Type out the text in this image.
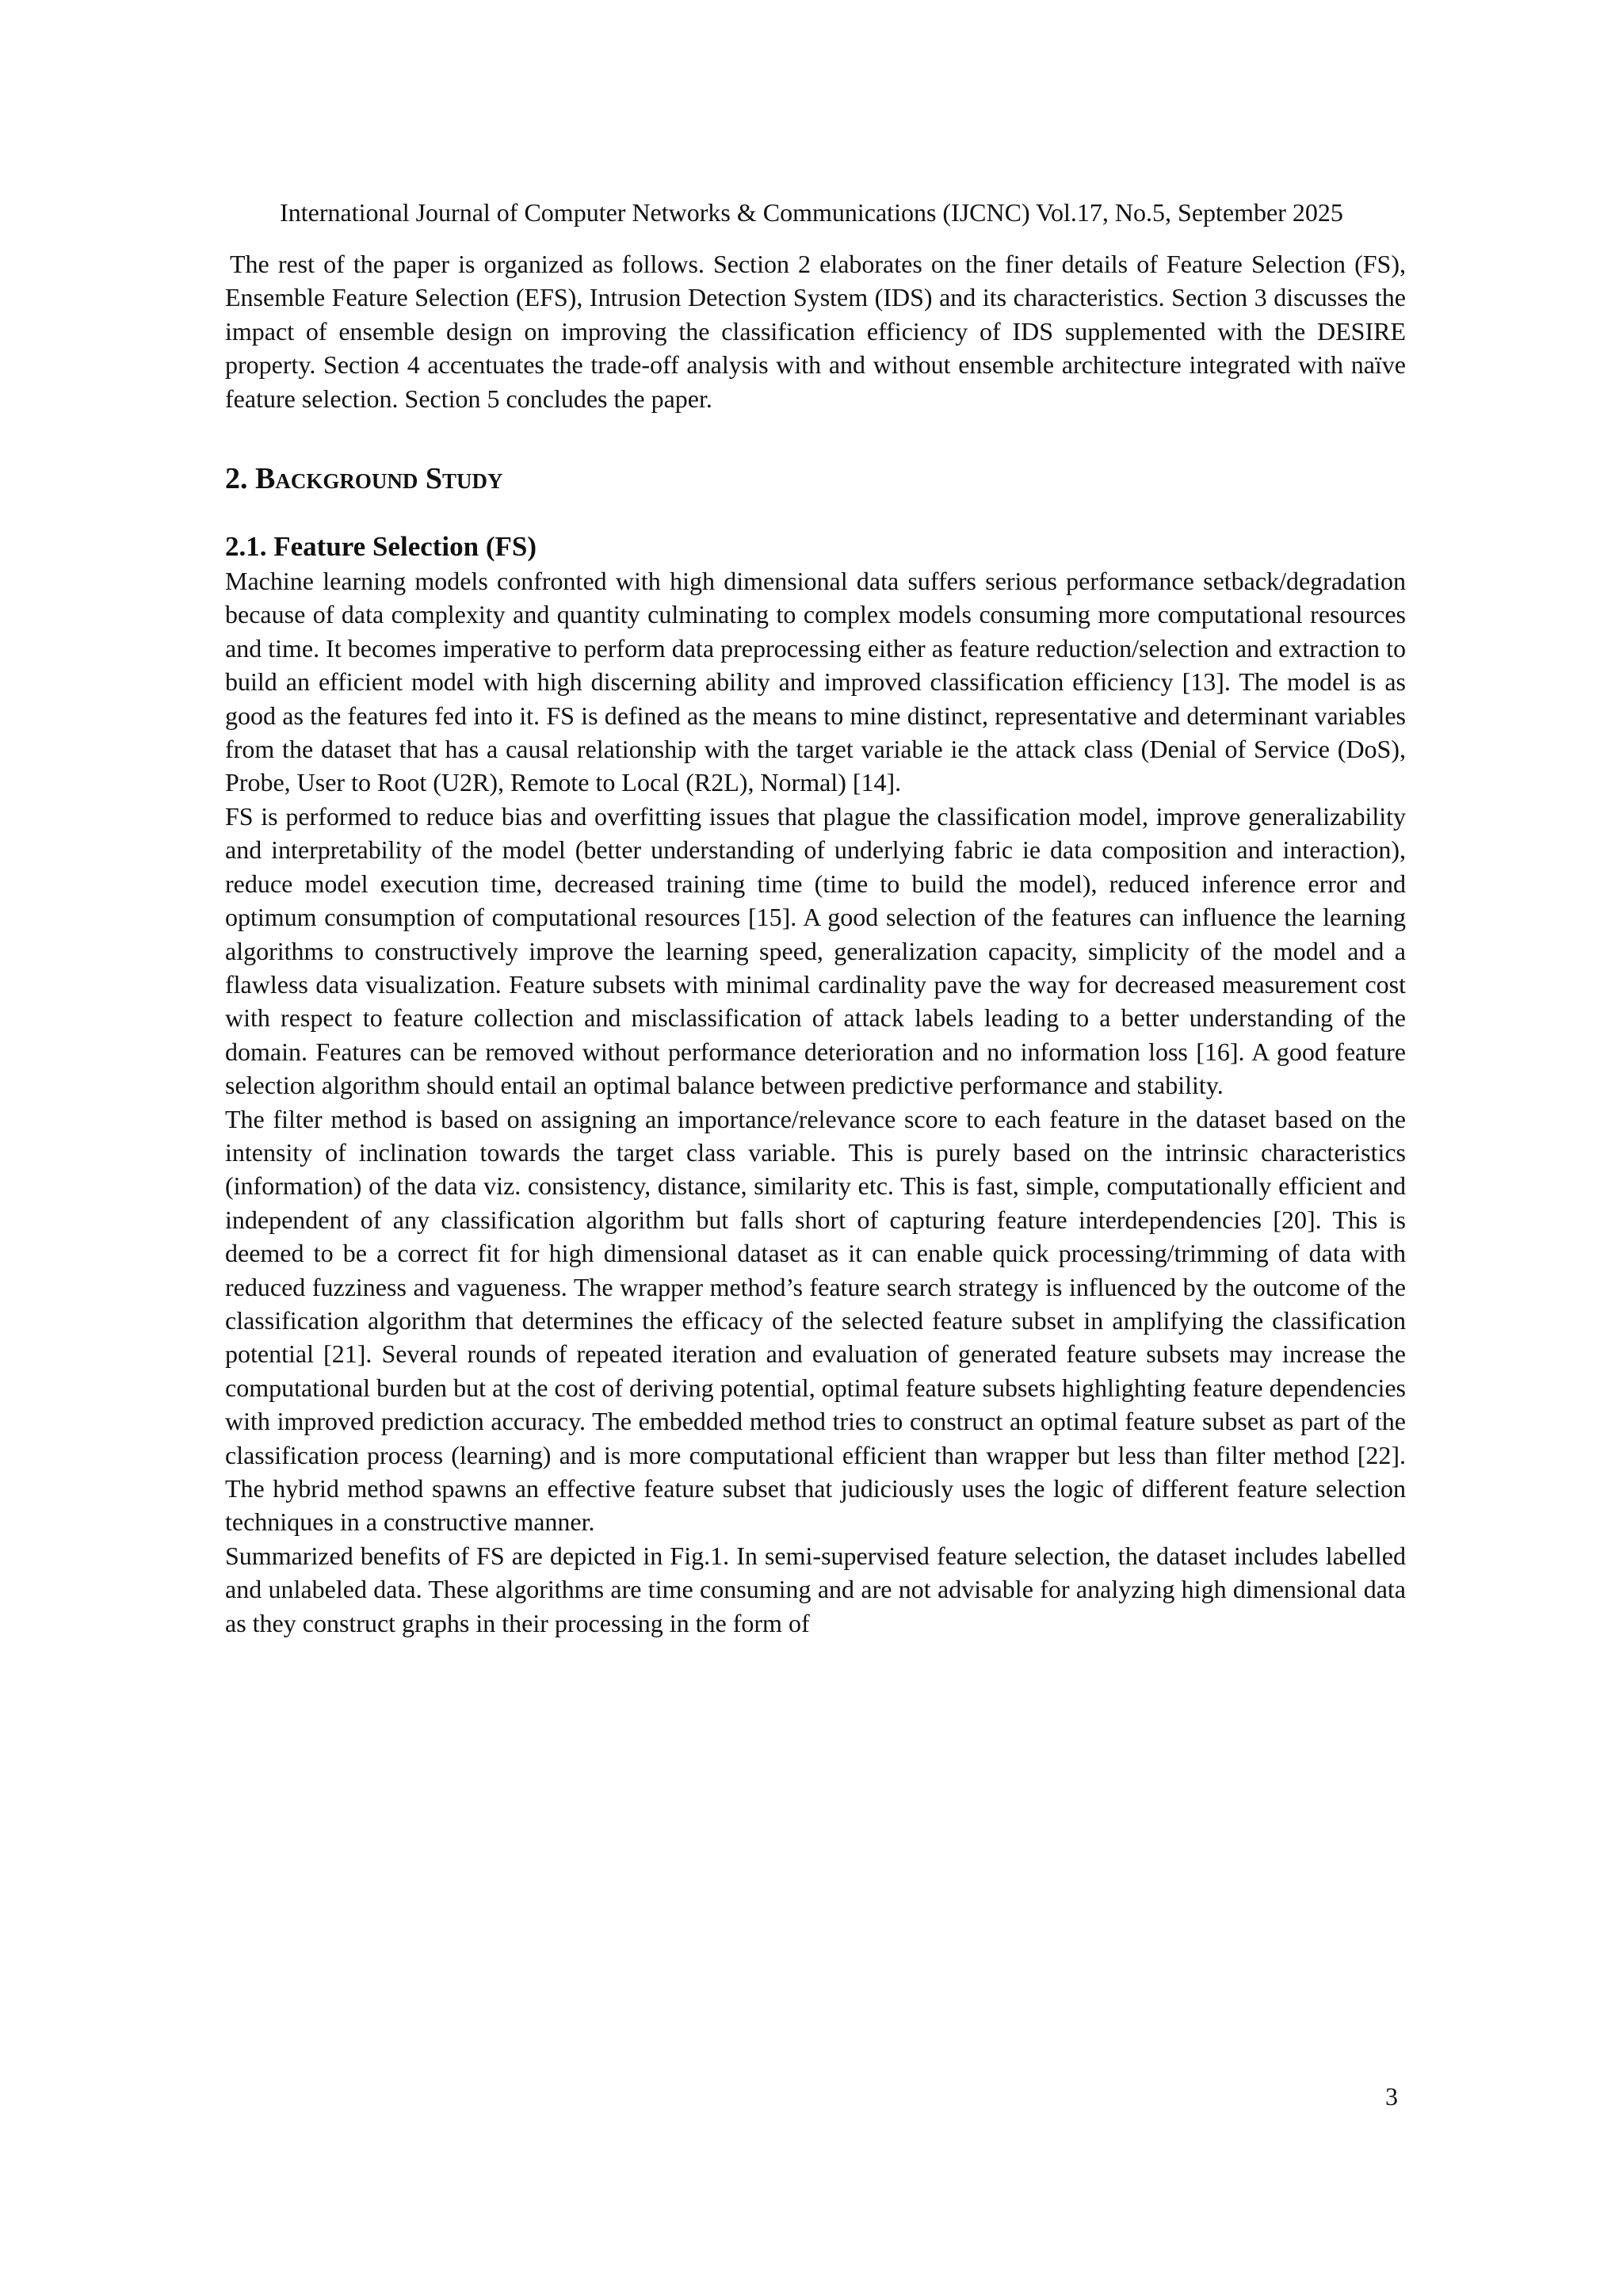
International Journal of Computer Networks & Communications (IJCNC) Vol.17, No.5, September 2025

The rest of the paper is organized as follows. Section 2 elaborates on the finer details of Feature Selection (FS), Ensemble Feature Selection (EFS), Intrusion Detection System (IDS) and its characteristics. Section 3 discusses the impact of ensemble design on improving the classification efficiency of IDS supplemented with the DESIRE property. Section 4 accentuates the trade-off analysis with and without ensemble architecture integrated with naïve feature selection. Section 5 concludes the paper.

2. Background Study
2.1. Feature Selection (FS)

Machine learning models confronted with high dimensional data suffers serious performance setback/degradation because of data complexity and quantity culminating to complex models consuming more computational resources and time. It becomes imperative to perform data preprocessing either as feature reduction/selection and extraction to build an efficient model with high discerning ability and improved classification efficiency [13]. The model is as good as the features fed into it. FS is defined as the means to mine distinct, representative and determinant variables from the dataset that has a causal relationship with the target variable ie the attack class (Denial of Service (DoS), Probe, User to Root (U2R), Remote to Local (R2L), Normal) [14].

FS is performed to reduce bias and overfitting issues that plague the classification model, improve generalizability and interpretability of the model (better understanding of underlying fabric ie data composition and interaction), reduce model execution time, decreased training time (time to build the model), reduced inference error and optimum consumption of computational resources [15]. A good selection of the features can influence the learning algorithms to constructively improve the learning speed, generalization capacity, simplicity of the model and a flawless data visualization. Feature subsets with minimal cardinality pave the way for decreased measurement cost with respect to feature collection and misclassification of attack labels leading to a better understanding of the domain. Features can be removed without performance deterioration and no information loss [16]. A good feature selection algorithm should entail an optimal balance between predictive performance and stability.

The filter method is based on assigning an importance/relevance score to each feature in the dataset based on the intensity of inclination towards the target class variable. This is purely based on the intrinsic characteristics (information) of the data viz. consistency, distance, similarity etc. This is fast, simple, computationally efficient and independent of any classification algorithm but falls short of capturing feature interdependencies [20]. This is deemed to be a correct fit for high dimensional dataset as it can enable quick processing/trimming of data with reduced fuzziness and vagueness. The wrapper method’s feature search strategy is influenced by the outcome of the classification algorithm that determines the efficacy of the selected feature subset in amplifying the classification potential [21]. Several rounds of repeated iteration and evaluation of generated feature subsets may increase the computational burden but at the cost of deriving potential, optimal feature subsets highlighting feature dependencies with improved prediction accuracy. The embedded method tries to construct an optimal feature subset as part of the classification process (learning) and is more computational efficient than wrapper but less than filter method [22]. The hybrid method spawns an effective feature subset that judiciously uses the logic of different feature selection techniques in a constructive manner.

Summarized benefits of FS are depicted in Fig.1. In semi-supervised feature selection, the dataset includes labelled and unlabeled data. These algorithms are time consuming and are not advisable for analyzing high dimensional data as they construct graphs in their processing in the form of

3
